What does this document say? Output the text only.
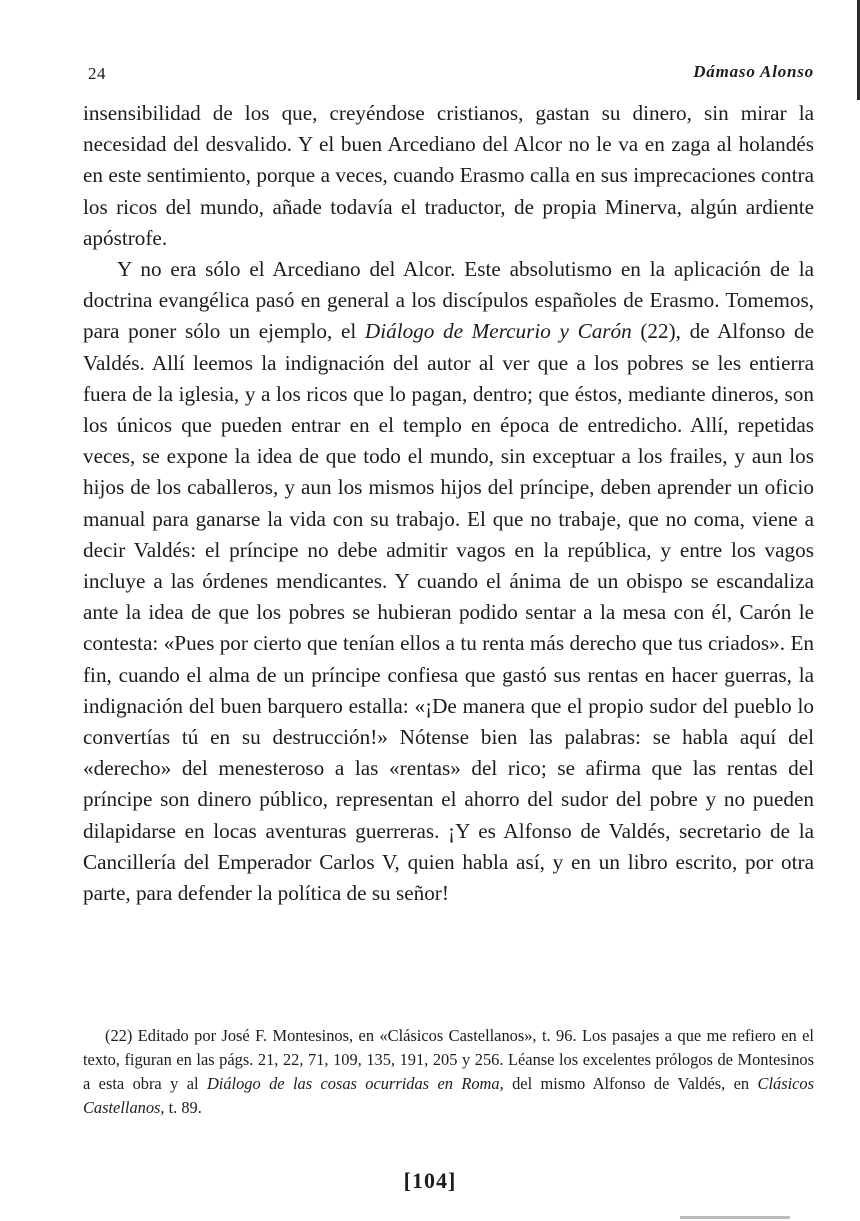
24	Dámaso Alonso

insensibilidad de los que, creyéndose cristianos, gastan su dinero, sin mirar la necesidad del desvalido. Y el buen Arcediano del Alcor no le va en zaga al holandés en este sentimiento, porque a veces, cuando Erasmo calla en sus imprecaciones contra los ricos del mundo, añade todavía el traductor, de propia Minerva, algún ardiente apóstrofe.

Y no era sólo el Arcediano del Alcor. Este absolutismo en la aplicación de la doctrina evangélica pasó en general a los discípulos españoles de Erasmo. Tomemos, para poner sólo un ejemplo, el Diálogo de Mercurio y Carón (22), de Alfonso de Valdés. Allí leemos la indignación del autor al ver que a los pobres se les entierra fuera de la iglesia, y a los ricos que lo pagan, dentro; que éstos, mediante dineros, son los únicos que pueden entrar en el templo en época de entredicho. Allí, repetidas veces, se expone la idea de que todo el mundo, sin exceptuar a los frailes, y aun los hijos de los caballeros, y aun los mismos hijos del príncipe, deben aprender un oficio manual para ganarse la vida con su trabajo. El que no trabaje, que no coma, viene a decir Valdés: el príncipe no debe admitir vagos en la república, y entre los vagos incluye a las órdenes mendicantes. Y cuando el ánima de un obispo se escandaliza ante la idea de que los pobres se hubieran podido sentar a la mesa con él, Carón le contesta: «Pues por cierto que tenían ellos a tu renta más derecho que tus criados». En fin, cuando el alma de un príncipe confiesa que gastó sus rentas en hacer guerras, la indignación del buen barquero estalla: «¡De manera que el propio sudor del pueblo lo convertías tú en su destrucción!» Nótense bien las palabras: se habla aquí del «derecho» del menesteroso a las «rentas» del rico; se afirma que las rentas del príncipe son dinero público, representan el ahorro del sudor del pobre y no pueden dilapidarse en locas aventuras guerreras. ¡Y es Alfonso de Valdés, secretario de la Cancillería del Emperador Carlos V, quien habla así, y en un libro escrito, por otra parte, para defender la política de su señor!

(22) Editado por José F. Montesinos, en «Clásicos Castellanos», t. 96. Los pasajes a que me refiero en el texto, figuran en las págs. 21, 22, 71, 109, 135, 191, 205 y 256. Léanse los excelentes prólogos de Montesinos a esta obra y al Diálogo de las cosas ocurridas en Roma, del mismo Alfonso de Valdés, en Clásicos Castellanos, t. 89.

[104]
